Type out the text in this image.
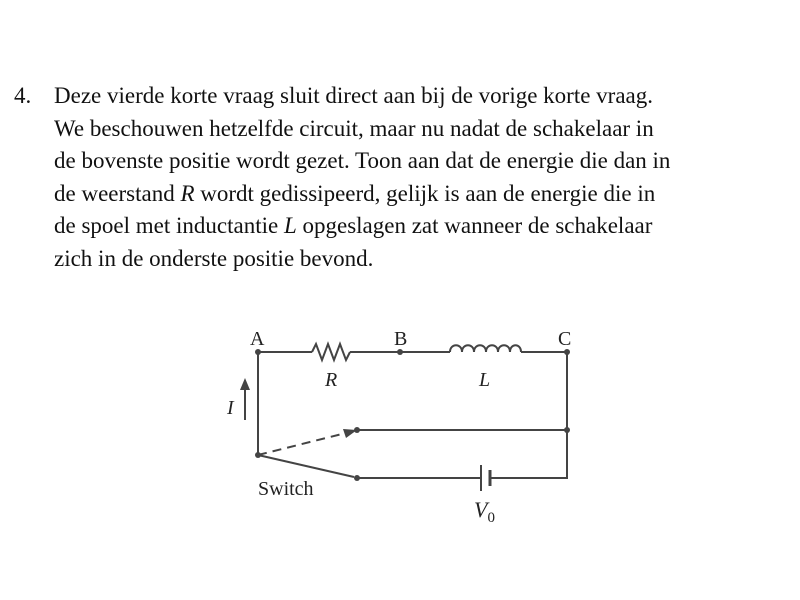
4. Deze vierde korte vraag sluit direct aan bij de vorige korte vraag.
We beschouwen hetzelfde circuit, maar nu nadat de schakelaar in
de bovenste positie wordt gezet. Toon aan dat de energie die dan in
de weerstand R wordt gedissipeerd, gelijk is aan de energie die in
de spoel met inductantie L opgeslagen zat wanneer de schakelaar
zich in de onderste positie bevond.
A	B	C
R	L
I
Switch
$V_0$
